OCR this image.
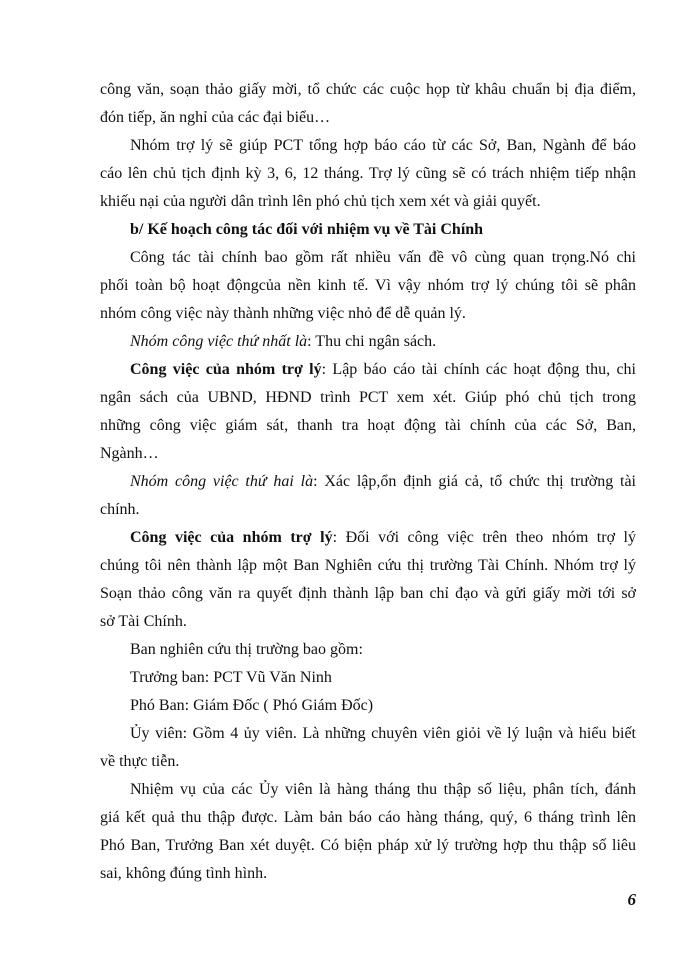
công văn, soạn thảo giấy mời, tổ chức các cuộc họp từ khâu chuẩn bị địa điểm,
đón tiếp, ăn nghỉ của các đại biểu…
Nhóm trợ lý sẽ giúp PCT tổng hợp báo cáo từ các Sở, Ban, Ngành để báo
cáo lên chủ tịch định kỳ 3, 6, 12 tháng. Trợ lý cũng sẽ có trách nhiệm tiếp nhận
khiếu nại của người dân trình lên phó chủ tịch xem xét và giải quyết.
b/ Kế hoạch công tác đối với nhiệm vụ về Tài Chính
Công tác tài chính bao gồm rất nhiều vấn đề vô cùng quan trọng.Nó chi
phối toàn bộ hoạt độngcủa nền kinh tế. Vì vậy nhóm trợ lý chúng tôi sẽ phân
nhóm công việc này thành những việc nhỏ để dễ quản lý.
Nhóm công việc thứ nhất là: Thu chi ngân sách.
Công việc của nhóm trợ lý: Lập báo cáo tài chính các hoạt động thu, chi
ngân sách của UBND, HĐND trình PCT xem xét. Giúp phó chủ tịch trong
những công việc giám sát, thanh tra hoạt động tài chính của các Sở, Ban,
Ngành…
Nhóm công việc thứ hai là: Xác lập,ổn định giá cả, tổ chức thị trường tài
chính.
Công việc của nhóm trợ lý: Đối với công việc trên theo nhóm trợ lý
chúng tôi nên thành lập một Ban Nghiên cứu thị trường Tài Chính. Nhóm trợ lý
Soạn thảo công văn ra quyết định thành lập ban chỉ đạo và gửi giấy mời tới sở
sở Tài Chính.
Ban nghiên cứu thị trường bao gồm:
Trưởng ban: PCT Vũ Văn Ninh
Phó Ban: Giám Đốc ( Phó Giám Đốc)
Ủy viên: Gồm 4 ủy viên. Là những chuyên viên giỏi về lý luận và hiểu biết
về thực tiễn.
Nhiệm vụ của các Ủy viên là hàng tháng thu thập số liệu, phân tích, đánh
giá kết quả thu thập được. Làm bản báo cáo hàng tháng, quý, 6 tháng trình lên
Phó Ban, Trưởng Ban xét duyệt. Có biện pháp xử lý trường hợp thu thập số liêu
sai, không đúng tình hình.
6
